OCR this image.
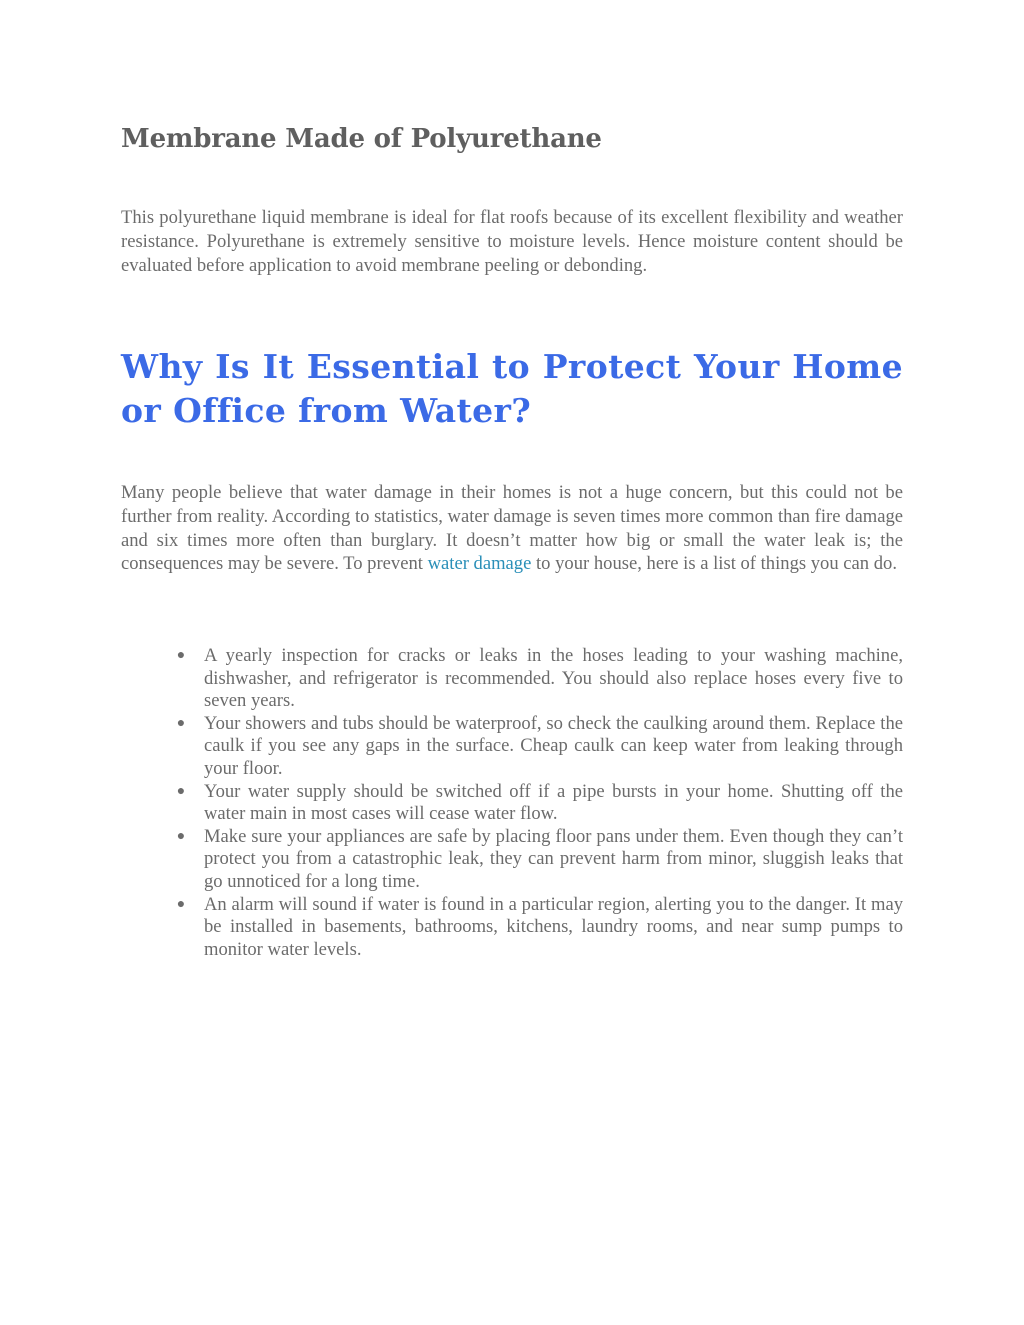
Membrane Made of Polyurethane

This polyurethane liquid membrane is ideal for flat roofs because of its excellent flexibility and weather resistance. Polyurethane is extremely sensitive to moisture levels. Hence moisture content should be evaluated before application to avoid membrane peeling or debonding.

Why Is It Essential to Protect Your Home or Office from Water?

Many people believe that water damage in their homes is not a huge concern, but this could not be further from reality. According to statistics, water damage is seven times more common than fire damage and six times more often than burglary. It doesn’t matter how big or small the water leak is; the consequences may be severe. To prevent water damage to your house, here is a list of things you can do.

● A yearly inspection for cracks or leaks in the hoses leading to your washing machine, dishwasher, and refrigerator is recommended. You should also replace hoses every five to seven years.
● Your showers and tubs should be waterproof, so check the caulking around them. Replace the caulk if you see any gaps in the surface. Cheap caulk can keep water from leaking through your floor.
● Your water supply should be switched off if a pipe bursts in your home. Shutting off the water main in most cases will cease water flow.
● Make sure your appliances are safe by placing floor pans under them. Even though they can’t protect you from a catastrophic leak, they can prevent harm from minor, sluggish leaks that go unnoticed for a long time.
● An alarm will sound if water is found in a particular region, alerting you to the danger. It may be installed in basements, bathrooms, kitchens, laundry rooms, and near sump pumps to monitor water levels.
